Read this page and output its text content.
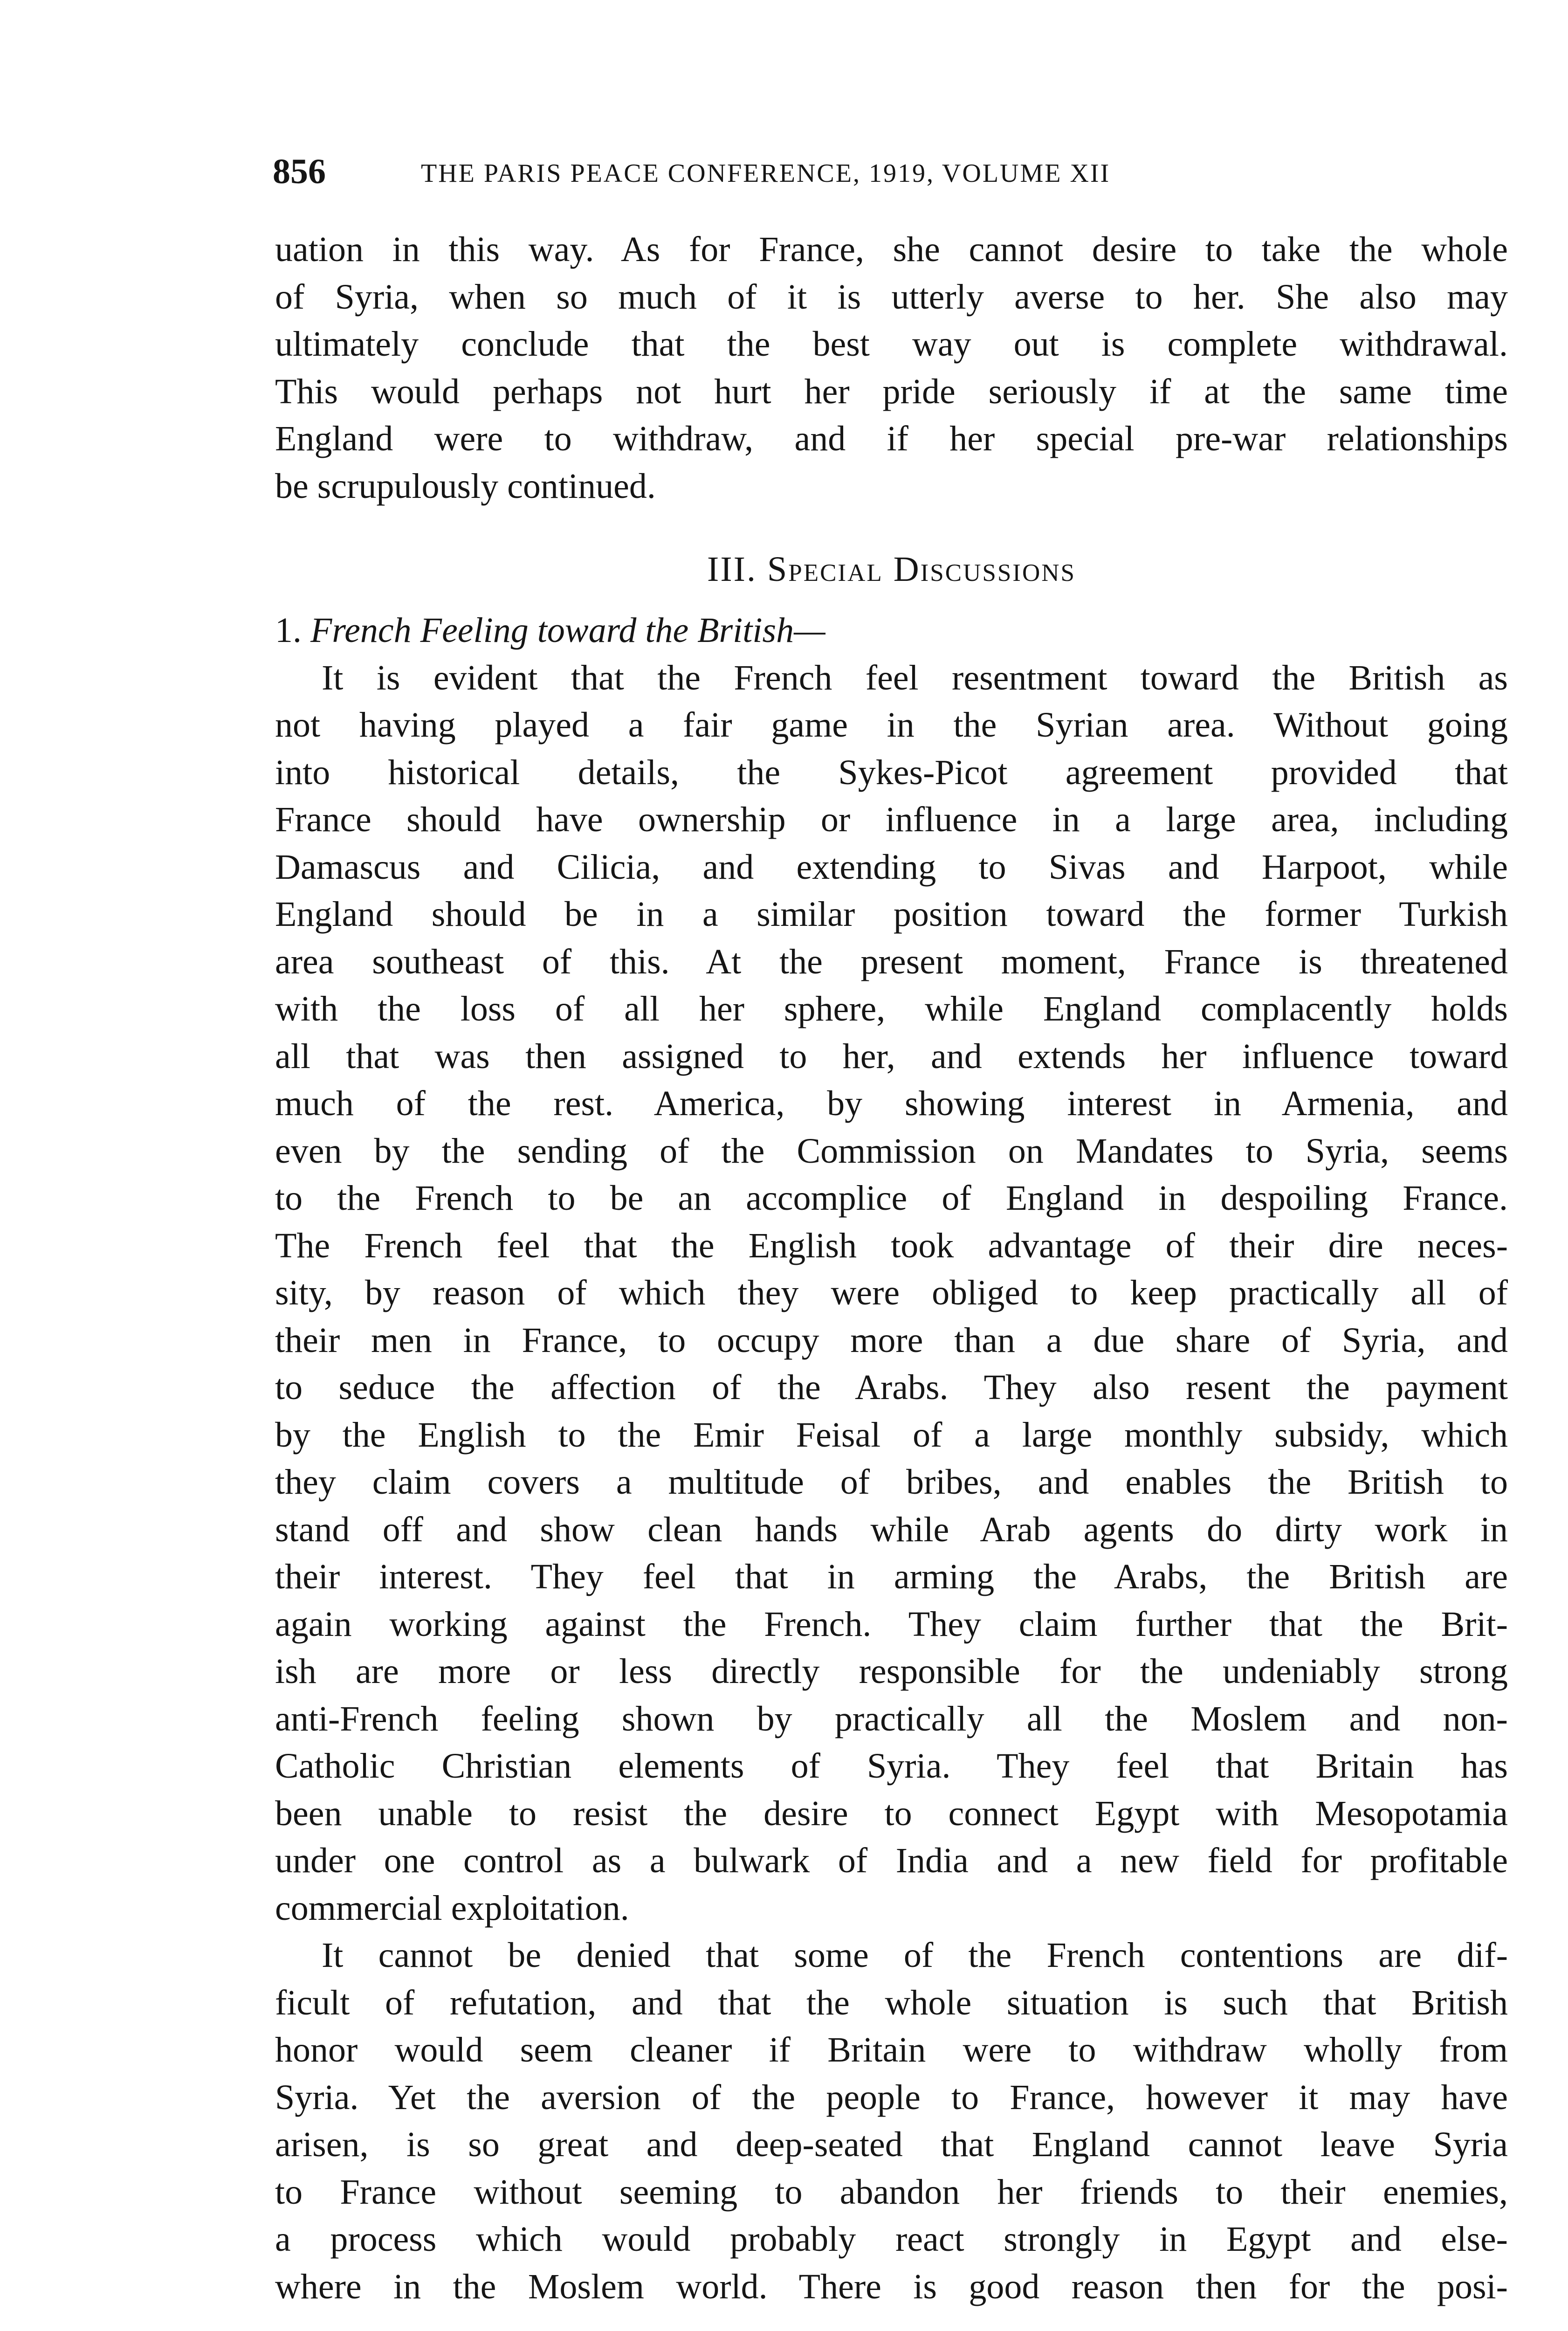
856	THE PARIS PEACE CONFERENCE, 1919, VOLUME XII
uation in this way. As for France, she cannot desire to take the whole
of Syria, when so much of it is utterly averse to her. She also may
ultimately conclude that the best way out is complete withdrawal.
This would perhaps not hurt her pride seriously if at the same time
England were to withdraw, and if her special pre-war relationships
be scrupulously continued.
III. Special Discussions
1. French Feeling toward the British—
It is evident that the French feel resentment toward the British as
not having played a fair game in the Syrian area. Without going
into historical details, the Sykes-Picot agreement provided that
France should have ownership or influence in a large area, including
Damascus and Cilicia, and extending to Sivas and Harpoot, while
England should be in a similar position toward the former Turkish
area southeast of this. At the present moment, France is threatened
with the loss of all her sphere, while England complacently holds
all that was then assigned to her, and extends her influence toward
much of the rest. America, by showing interest in Armenia, and
even by the sending of the Commission on Mandates to Syria, seems
to the French to be an accomplice of England in despoiling France.
The French feel that the English took advantage of their dire neces-
sity, by reason of which they were obliged to keep practically all of
their men in France, to occupy more than a due share of Syria, and
to seduce the affection of the Arabs. They also resent the payment
by the English to the Emir Feisal of a large monthly subsidy, which
they claim covers a multitude of bribes, and enables the British to
stand off and show clean hands while Arab agents do dirty work in
their interest. They feel that in arming the Arabs, the British are
again working against the French. They claim further that the Brit-
ish are more or less directly responsible for the undeniably strong
anti-French feeling shown by practically all the Moslem and non-
Catholic Christian elements of Syria. They feel that Britain has
been unable to resist the desire to connect Egypt with Mesopotamia
under one control as a bulwark of India and a new field for profitable
commercial exploitation.
It cannot be denied that some of the French contentions are dif-
ficult of refutation, and that the whole situation is such that British
honor would seem cleaner if Britain were to withdraw wholly from
Syria. Yet the aversion of the people to France, however it may have
arisen, is so great and deep-seated that England cannot leave Syria
to France without seeming to abandon her friends to their enemies,
a process which would probably react strongly in Egypt and else-
where in the Moslem world. There is good reason then for the posi-
